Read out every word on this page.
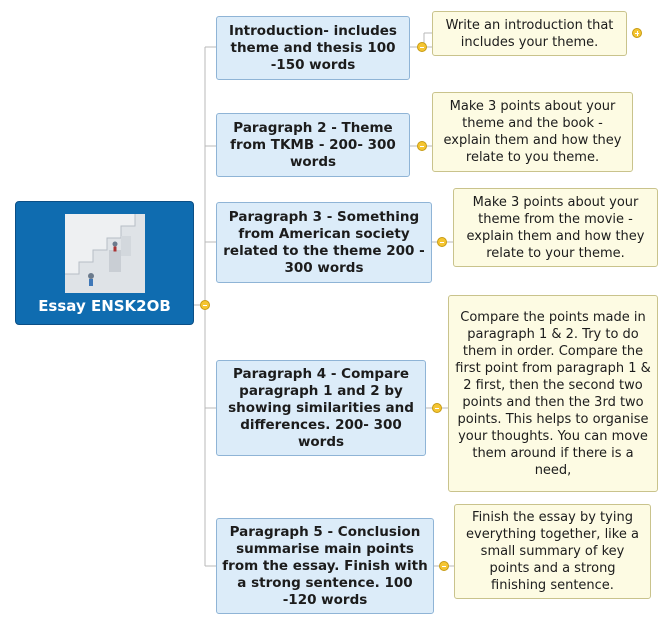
Essay ENSK2OB
Introduction- includes theme and thesis 100 -150 words
Write an introduction that includes your theme.
Paragraph 2 - Theme from TKMB - 200- 300 words
Make 3 points about your theme and the book - explain them and how they relate to you theme.
Paragraph 3 - Something from American society related to the theme 200 - 300 words
Make 3 points about your theme from the movie - explain them and how they relate to your theme.
Paragraph 4 - Compare paragraph 1 and 2 by showing similarities and differences. 200- 300 words
Compare the points made in paragraph 1 & 2. Try to do them in order. Compare the first point from paragraph 1 & 2 first, then the second two points and then the 3rd two points. This helps to organise your thoughts. You can move them around if there is a need,
Paragraph 5 - Conclusion summarise main points from the essay. Finish with a strong sentence. 100 -120 words
Finish the essay by tying everything together, like a small summary of key points and a strong finishing sentence.
